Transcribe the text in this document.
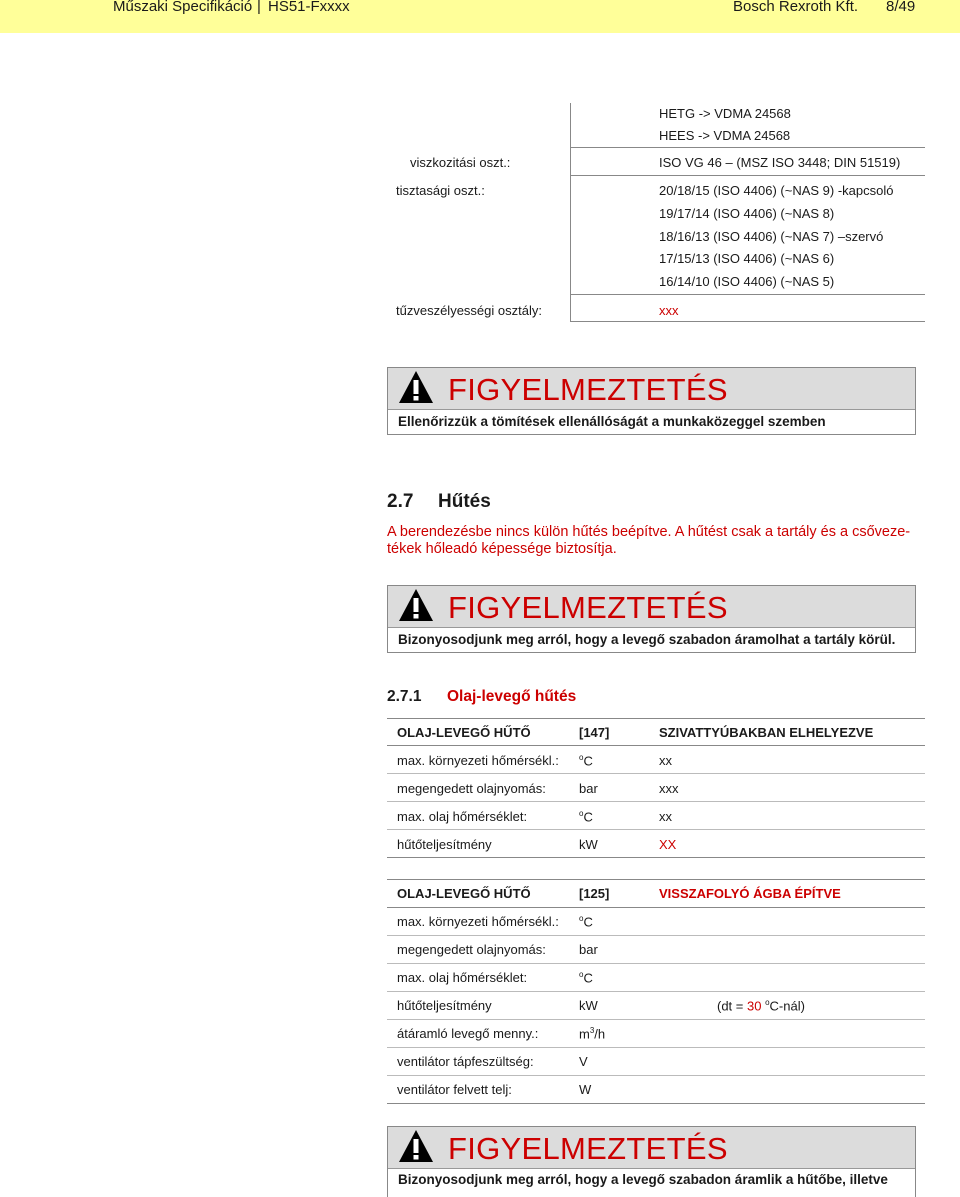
Műszaki Specifikáció | HS51-Fxxxx	Bosch Rexroth Kft. 8/49
HETG -> VDMA 24568
HEES -> VDMA 24568
viszkozitási oszt.:	ISO VG 46 – (MSZ ISO 3448; DIN 51519)
tisztasági oszt.:	20/18/15 (ISO 4406) (~NAS 9) -kapcsoló
19/17/14 (ISO 4406) (~NAS 8)
18/16/13 (ISO 4406) (~NAS 7) –szervó
17/15/13 (ISO 4406) (~NAS 6)
16/14/10 (ISO 4406) (~NAS 5)
tűzveszélyességi osztály:	xxx
FIGYELMEZTETÉS
Ellenőrizzük a tömítések ellenállóságát a munkaközeggel szemben
2.7 Hűtés
A berendezésbe nincs külön hűtés beépítve. A hűtést csak a tartály és a csőveze-
tékek hőleadó képessége biztosítja.
FIGYELMEZTETÉS
Bizonyosodjunk meg arról, hogy a levegő szabadon áramolhat a tartály körül.
2.7.1 Olaj-levegő hűtés
OLAJ-LEVEGŐ HŰTŐ	[147]	SZIVATTYÚBAKBAN ELHELYEZVE
max. környezeti hőmérsékl.:	$^o$C	xx
megengedett olajnyomás:	bar	xxx
max. olaj hőmérséklet:	$^o$C	xx
hűtőteljesítmény	kW	XX
OLAJ-LEVEGŐ HŰTŐ	[125]	VISSZAFOLYÓ ÁGBA ÉPÍTVE
max. környezeti hőmérsékl.:	$^o$C
megengedett olajnyomás:	bar
max. olaj hőmérséklet:	$^o$C
hűtőteljesítmény	kW	(dt = 30 $^o$C-nál)
átáramló levegő menny.:	$m^3/h$
ventilátor tápfeszültség:	V
ventilátor felvett telj:	W
FIGYELMEZTETÉS
Bizonyosodjunk meg arról, hogy a levegő szabadon áramlik a hűtőbe, illetve
